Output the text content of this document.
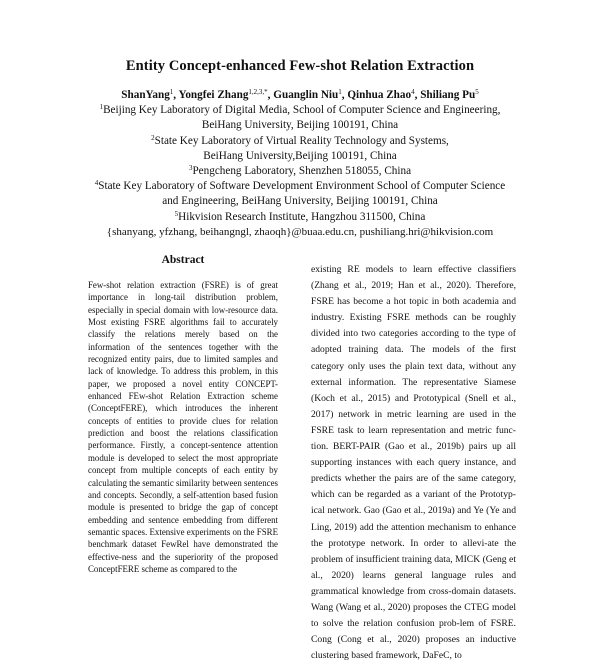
Entity Concept-enhanced Few-shot Relation Extraction
ShanYang$^1$, Yongfei Zhang$^{1,2,3,*}$, Guanglin Niu$^1$, Qinhua Zhao$^4$, Shiliang Pu$^5$
$^1$Beijing Key Laboratory of Digital Media, School of Computer Science and Engineering,
BeiHang University, Beijing 100191, China
$^2$State Key Laboratory of Virtual Reality Technology and Systems,
BeiHang University,Beijing 100191, China
$^3$Pengcheng Laboratory, Shenzhen 518055, China
$^4$State Key Laboratory of Software Development Environment School of Computer Science
and Engineering, BeiHang University, Beijing 100191, China
$^5$Hikvision Research Institute, Hangzhou 311500, China
{shanyang, yfzhang, beihangngl, zhaoqh}@buaa.edu.cn, pushiliang.hri@hikvision.com
Abstract

Few-shot relation extraction (FSRE) is of great importance in long-tail distribution problem, especially in special domain with low-resource data. Most existing FSRE algorithms fail to accurately classify the relations merely based on the information of the sentences together with the recognized entity pairs, due to limited samples and lack of knowledge. To address this problem, in this paper, we proposed a novel entity CONCEPT-enhanced FEw-shot Relation Extraction scheme (ConceptFERE), which introduces the inherent concepts of entities to provide clues for relation prediction and boost the relations classification performance. Firstly, a concept-sentence attention module is developed to select the most appropriate concept from multiple concepts of each entity by calculating the semantic similarity between sentences and concepts. Secondly, a self-attention based fusion module is presented to bridge the gap of concept embedding and sentence embedding from different semantic spaces. Extensive experiments on the FSRE benchmark dataset FewRel have demonstrated the effective-ness and the superiority of the proposed ConceptFERE scheme as compared to the

existing RE models to learn effective classifiers (Zhang et al., 2019; Han et al., 2020). Therefore, FSRE has become a hot topic in both academia and industry. Existing FSRE methods can be roughly divided into two categories according to the type of adopted training data. The models of the first category only uses the plain text data, without any external information. The representative Siamese (Koch et al., 2015) and Prototypical (Snell et al., 2017) network in metric learning are used in the FSRE task to learn representation and metric func-tion. BERT-PAIR (Gao et al., 2019b) pairs up all supporting instances with each query instance, and predicts whether the pairs are of the same category, which can be regarded as a variant of the Prototyp-ical network. Gao (Gao et al., 2019a) and Ye (Ye and Ling, 2019) add the attention mechanism to enhance the prototype network. In order to allevi-ate the problem of insufficient training data, MICK (Geng et al., 2020) learns general language rules and grammatical knowledge from cross-domain datasets. Wang (Wang et al., 2020) proposes the CTEG model to solve the relation confusion prob-lem of FSRE. Cong (Cong et al., 2020) proposes an inductive clustering based framework, DaFeC, to
